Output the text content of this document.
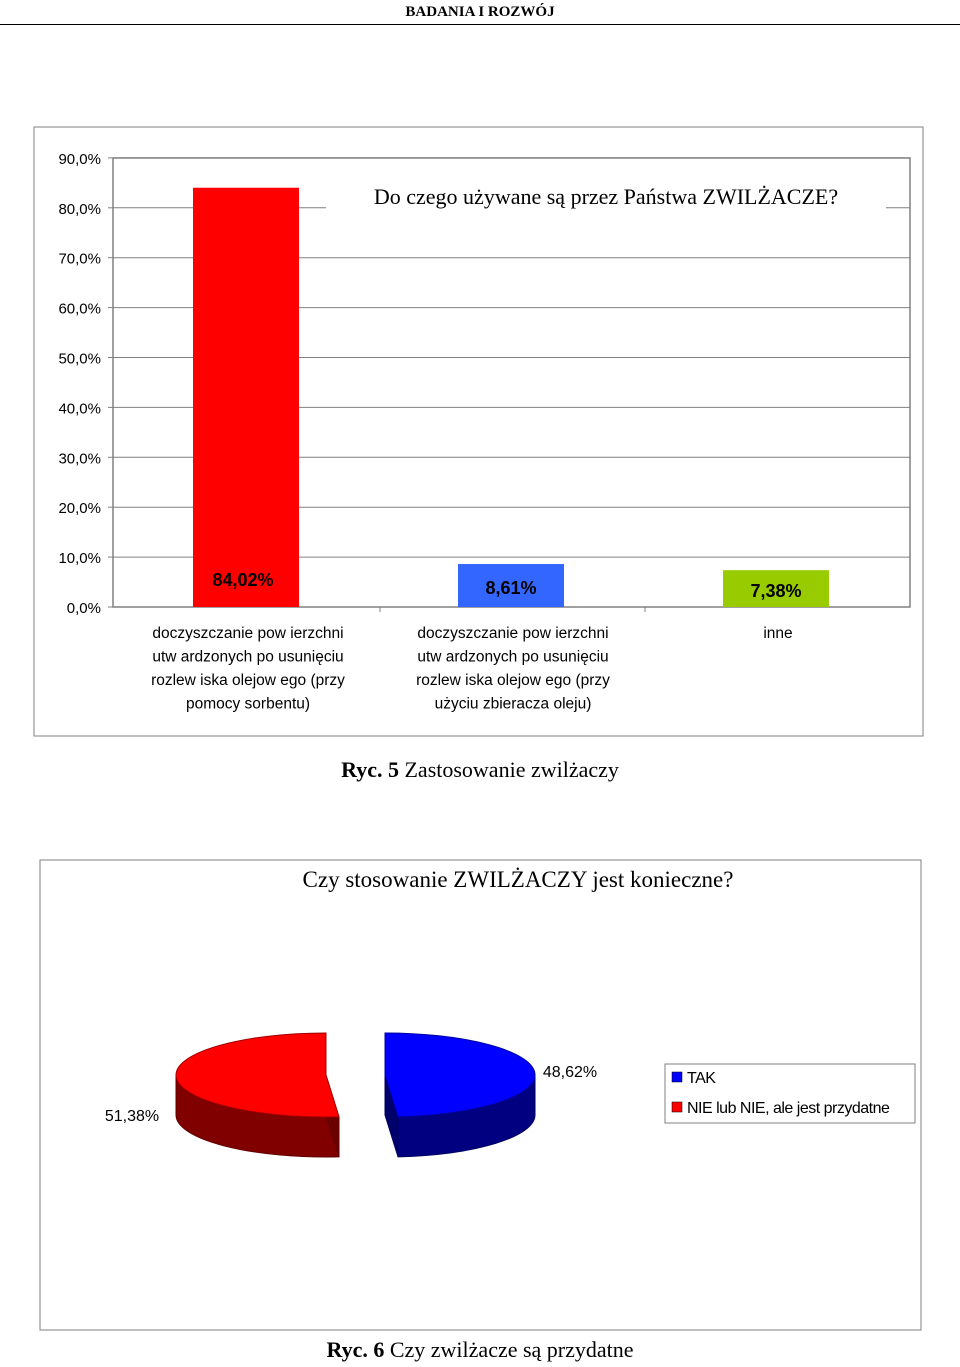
BADANIA I ROZWÓJ
0,0%
10,0%
20,0%
30,0%
40,0%
50,0%
60,0%
70,0%
80,0%
90,0%
Do czego używane są przez Państwa ZWILŻACZE?
84,02%	8,61%	7,38%
doczyszczanie pow ierzchni
utw ardzonych po usunięciu
rozlew iska olejow ego (przy
pomocy sorbentu)
doczyszczanie pow ierzchni
utw ardzonych po usunięciu
rozlew iska olejow ego (przy
użyciu zbieracza oleju)
inne
Czy stosowanie ZWILŻACZY jest konieczne?
48,62%
51,38%
TAK
NIE lub NIE, ale jest przydatne
Ryc. 5 Zastosowanie zwilżaczy
Ryc. 6 Czy zwilżacze są przydatne
